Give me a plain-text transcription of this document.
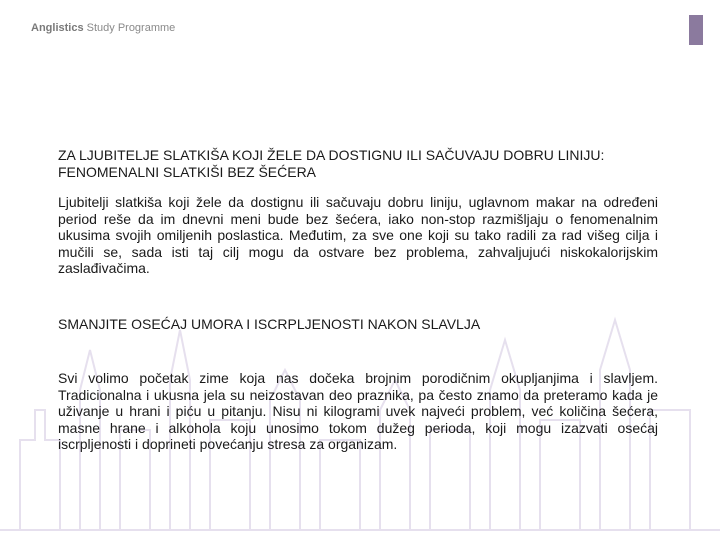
Anglistics Study Programme
ZA LJUBITELJE SLATKIŠA KOJI ŽELE DA DOSTIGNU ILI SAČUVAJU DOBRU LINIJU: FENOMENALNI SLATKIŠI BEZ ŠEĆERA

Ljubitelji slatkiša koji žele da dostignu ili sačuvaju dobru liniju, uglavnom makar na određeni period reše da im dnevni meni bude bez šećera, iako non-stop razmišljaju o fenomenalnim ukusima svojih omiljenih poslastica. Međutim, za sve one koji su tako radili za rad višeg cilja i mučili se, sada isti taj cilj mogu da ostvare bez problema, zahvaljujući niskokalorijskim zaslađivačima.

SMANJITE OSEĆAJ UMORA I ISCRPLJENOSTI NAKON SLAVLJA

Svi volimo početak zime koja nas dočeka brojnim porodičnim okupljanjima i slavljem. Tradicionalna i ukusna jela su neizostavan deo praznika, pa često znamo da preteramo kada je uživanje u hrani i piću u pitanju. Nisu ni kilogrami uvek najveći problem, već količina šećera, masne hrane i alkohola koju unosimo tokom dužeg perioda, koji mogu izazvati osećaj iscrpljenosti i doprineti povećanju stresa za organizam.
